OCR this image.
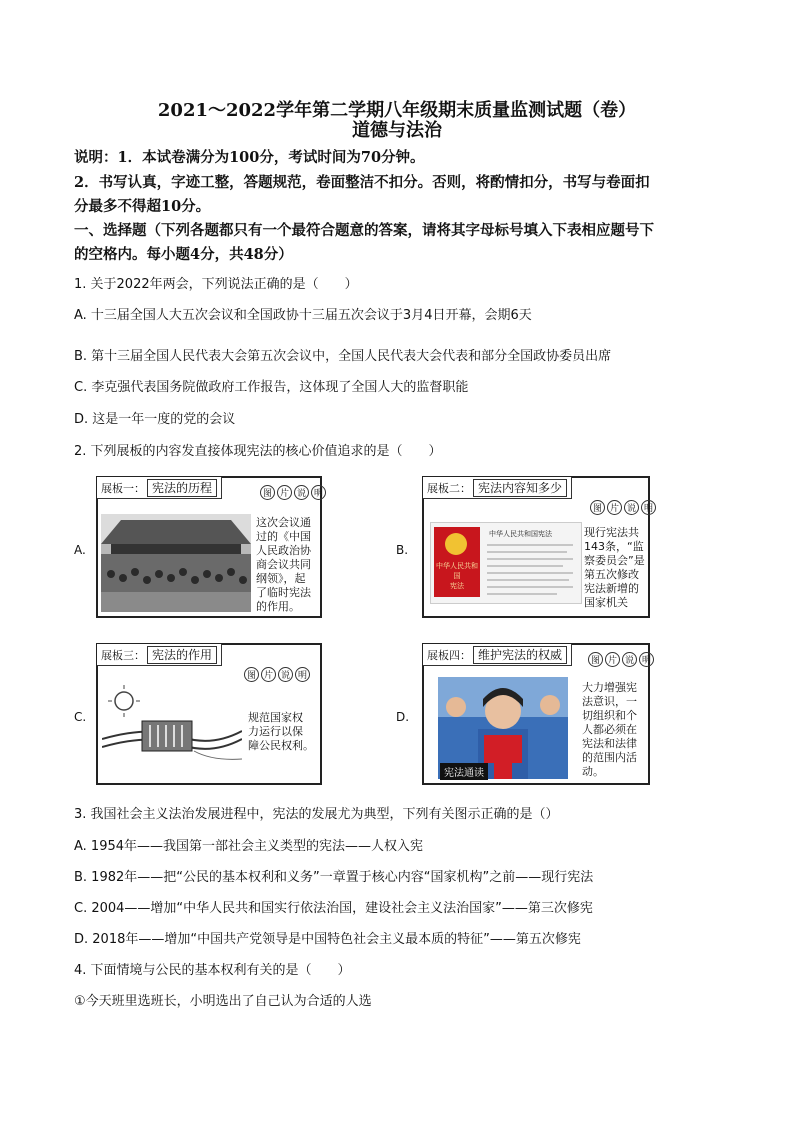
2021～2022学年第二学期八年级期末质量监测试题（卷）
道德与法治
说明：1．本试卷满分为100分，考试时间为70分钟。
2．书写认真，字迹工整，答题规范，卷面整洁不扣分。否则，将酌情扣分，书写与卷面扣
分最多不得超10分。
一、选择题（下列各题都只有一个最符合题意的答案，请将其字母标号填入下表相应题号下
的空格内。每小题4分，共48分）
1. 关于2022年两会，下列说法正确的是（　　）
A. 十三届全国人大五次会议和全国政协十三届五次会议于3月4日开幕，会期6天
B. 第十三届全国人民代表大会第五次会议中，全国人民代表大会代表和部分全国政协委员出席
C. 李克强代表国务院做政府工作报告，这体现了全国人大的监督职能
D. 这是一年一度的党的会议
2. 下列展板的内容发直接体现宪法的核心价值追求的是（　　）
A.
展板一： 宪法的历程	图 片 说 明
这次会议通
过的《中国
人民政治协
商会议共同
纲领》，起
了临时宪法
的作用。
B.
展板二： 宪法内容知多少
图 片 说 明
中华人民共和国
宪法
中华人民共和国宪法	现行宪法共
143条，“监
察委员会”是
第五次修改
宪法新增的
国家机关
C.
展板三： 宪法的作用
图 片 说 明
规范国家权
力运行以保
障公民权利。
D.
展板四： 维护宪法的权威	图 片 说 明
宪法通读
大力增强宪
法意识，一
切组织和个
人都必须在
宪法和法律
的范围内活
动。
3. 我国社会主义法治发展进程中，宪法的发展尤为典型，下列有关图示正确的是（）
A. 1954年——我国第一部社会主义类型的宪法——人权入宪
B. 1982年——把“公民的基本权利和义务”一章置于核心内容“国家机构”之前——现行宪法
C. 2004——增加“中华人民共和国实行依法治国，建设社会主义法治国家”——第三次修宪
D. 2018年——增加“中国共产党领导是中国特色社会主义最本质的特征”——第五次修宪
4. 下面情境与公民的基本权利有关的是（　　）
①今天班里选班长，小明选出了自己认为合适的人选
